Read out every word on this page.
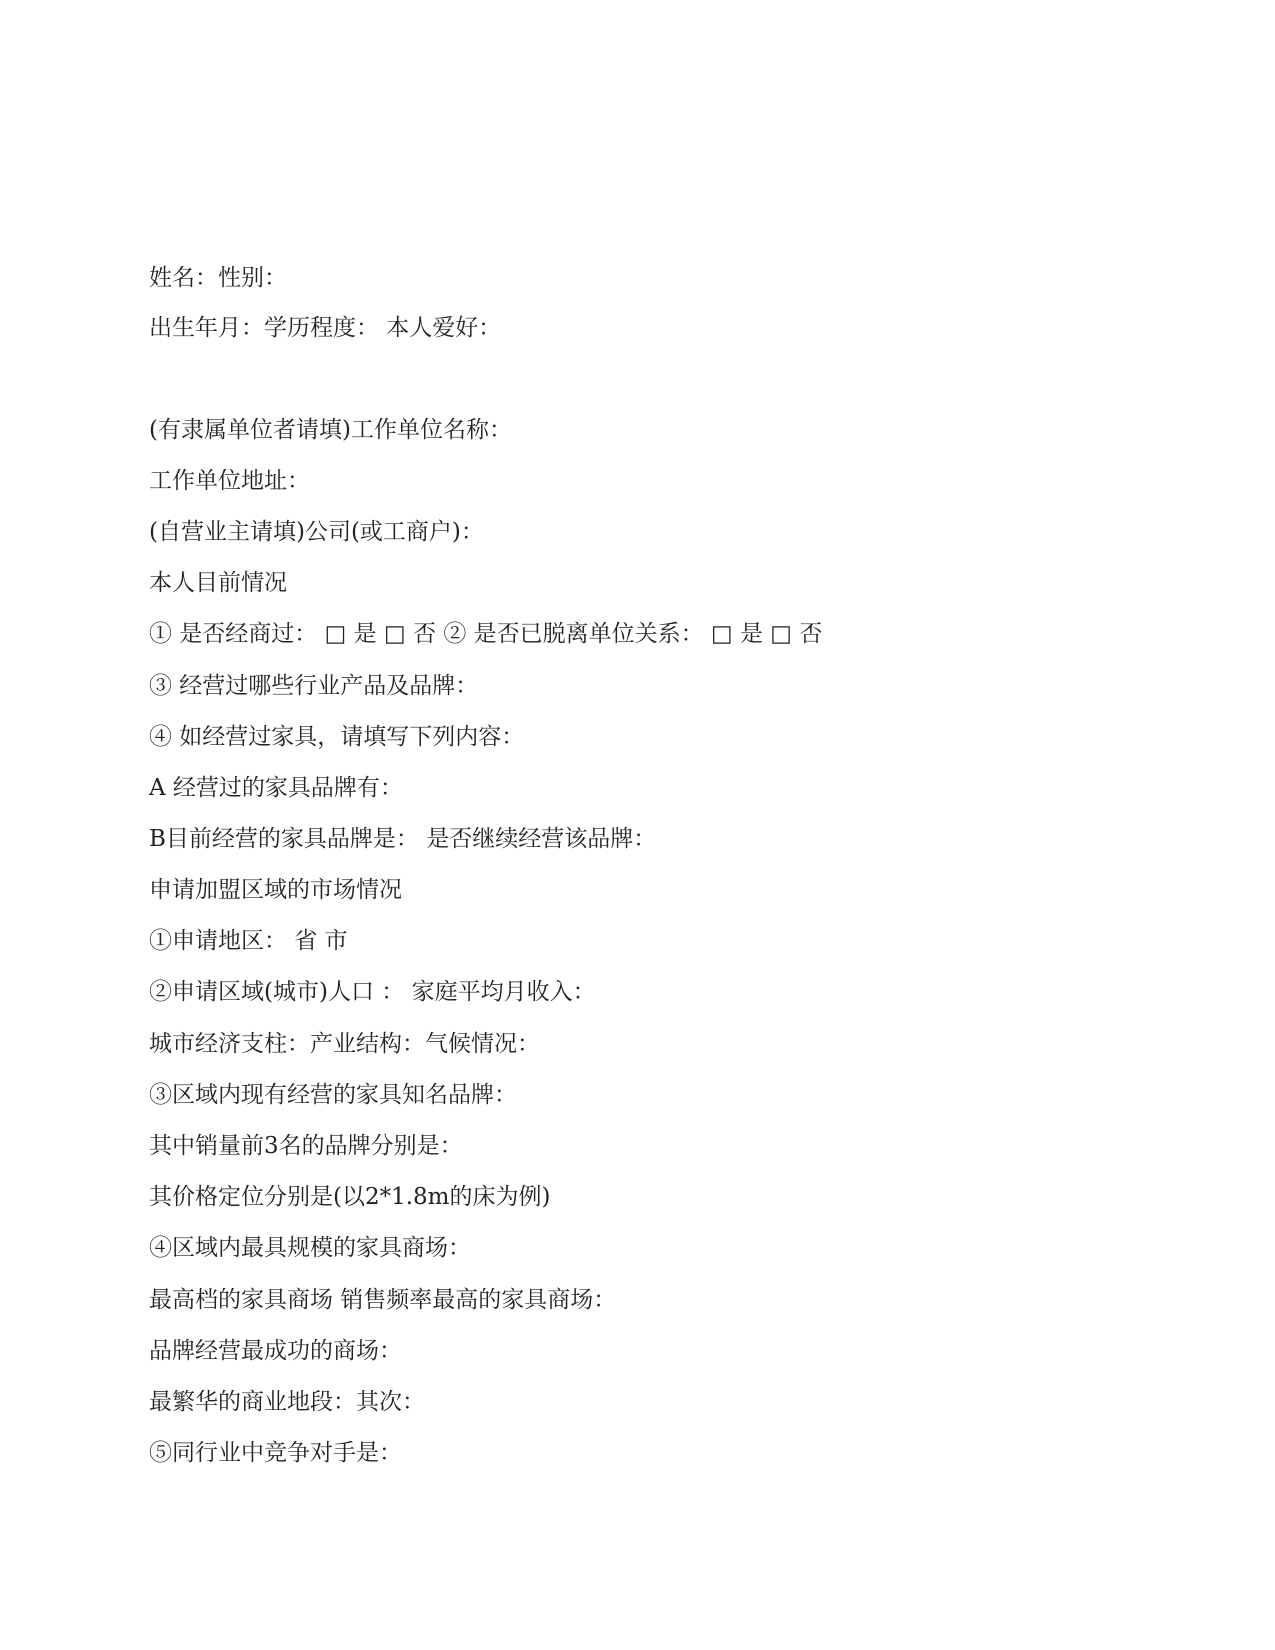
姓名：性别：
出生年月：学历程度： 本人爱好：
(有隶属单位者请填)工作单位名称：
工作单位地址：
(自营业主请填)公司(或工商户)：
本人目前情况
① 是否经商过： □ 是 □ 否 ② 是否已脱离单位关系： □ 是 □ 否
③ 经营过哪些行业产品及品牌：
④ 如经营过家具，请填写下列内容：
A 经营过的家具品牌有：
B目前经营的家具品牌是： 是否继续经营该品牌：
申请加盟区域的市场情况
①申请地区： 省 市
②申请区域(城市)人口 ： 家庭平均月收入：
城市经济支柱：产业结构：气候情况：
③区域内现有经营的家具知名品牌：
其中销量前3名的品牌分别是：
其价格定位分别是(以2*1.8m的床为例)
④区域内最具规模的家具商场：
最高档的家具商场 销售频率最高的家具商场：
品牌经营最成功的商场：
最繁华的商业地段：其次：
⑤同行业中竞争对手是：
